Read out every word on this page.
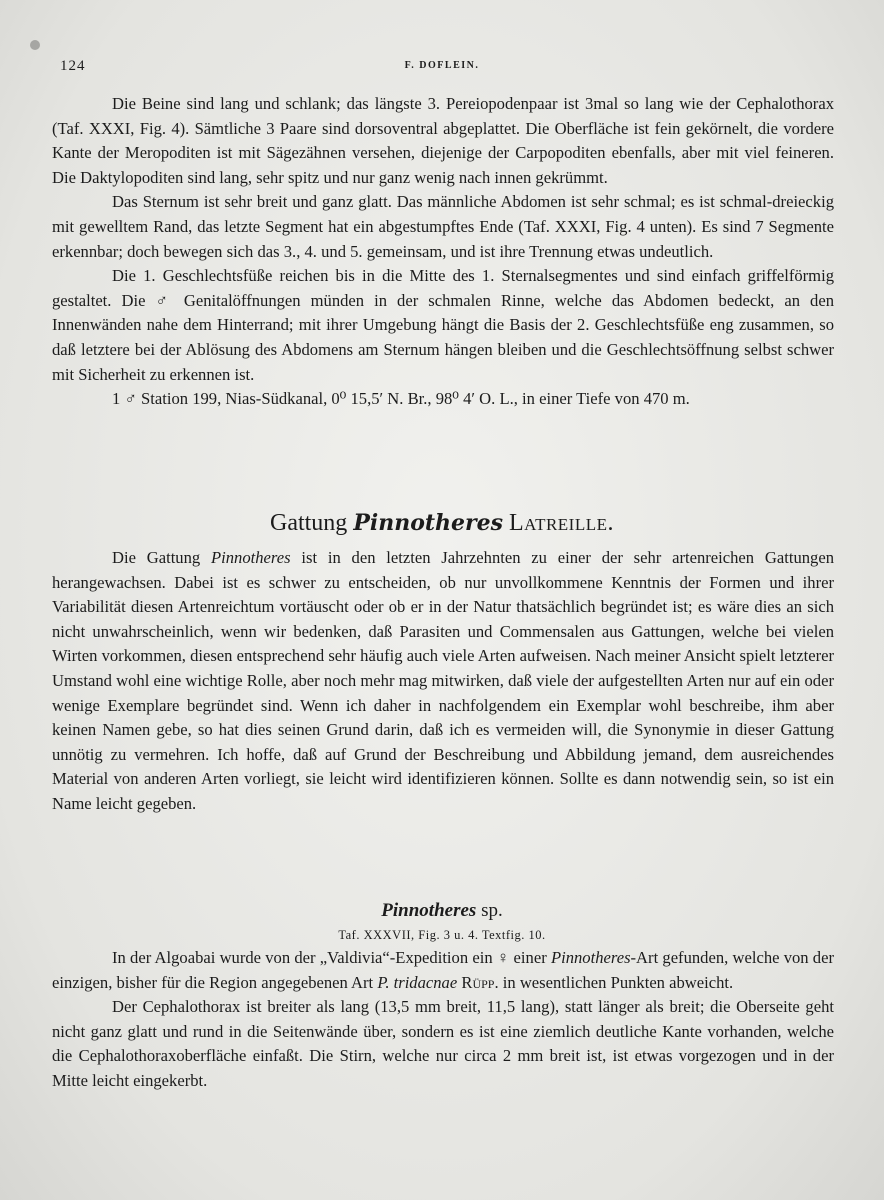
124	F. DOFLEIN.

Die Beine sind lang und schlank; das längste 3. Pereiopodenpaar ist 3mal so lang wie der Cephalothorax (Taf. XXXI, Fig. 4). Sämtliche 3 Paare sind dorsoventral abgeplattet. Die Oberfläche ist fein gekörnelt, die vordere Kante der Meropoditen ist mit Sägezähnen versehen, diejenige der Carpopoditen ebenfalls, aber mit viel feineren. Die Daktylopoditen sind lang, sehr spitz und nur ganz wenig nach innen gekrümmt.

Das Sternum ist sehr breit und ganz glatt. Das männliche Abdomen ist sehr schmal; es ist schmal-dreieckig mit gewelltem Rand, das letzte Segment hat ein abgestumpftes Ende (Taf. XXXI, Fig. 4 unten). Es sind 7 Segmente erkennbar; doch bewegen sich das 3., 4. und 5. gemeinsam, und ist ihre Trennung etwas undeutlich.

Die 1. Geschlechtsfüße reichen bis in die Mitte des 1. Sternalsegmentes und sind einfach griffelförmig gestaltet. Die ♂ Genitalöffnungen münden in der schmalen Rinne, welche das Abdomen bedeckt, an den Innenwänden nahe dem Hinterrand; mit ihrer Umgebung hängt die Basis der 2. Geschlechtsfüße eng zusammen, so daß letztere bei der Ablösung des Abdomens am Sternum hängen bleiben und die Geschlechtsöffnung selbst schwer mit Sicherheit zu erkennen ist.

1 ♂ Station 199, Nias-Südkanal, 0⁰ 15,5′ N. Br., 98⁰ 4′ O. L., in einer Tiefe von 470 m.

Gattung Pinnotheres Latreille.

Die Gattung Pinnotheres ist in den letzten Jahrzehnten zu einer der sehr artenreichen Gattungen herangewachsen. Dabei ist es schwer zu entscheiden, ob nur unvollkommene Kenntnis der Formen und ihrer Variabilität diesen Artenreichtum vortäuscht oder ob er in der Natur thatsächlich begründet ist; es wäre dies an sich nicht unwahrscheinlich, wenn wir bedenken, daß Parasiten und Commensalen aus Gattungen, welche bei vielen Wirten vorkommen, diesen entsprechend sehr häufig auch viele Arten aufweisen. Nach meiner Ansicht spielt letzterer Umstand wohl eine wichtige Rolle, aber noch mehr mag mitwirken, daß viele der aufgestellten Arten nur auf ein oder wenige Exemplare begründet sind. Wenn ich daher in nachfolgendem ein Exemplar wohl beschreibe, ihm aber keinen Namen gebe, so hat dies seinen Grund darin, daß ich es vermeiden will, die Synonymie in dieser Gattung unnötig zu vermehren. Ich hoffe, daß auf Grund der Beschreibung und Abbildung jemand, dem ausreichendes Material von anderen Arten vorliegt, sie leicht wird identifizieren können. Sollte es dann notwendig sein, so ist ein Name leicht gegeben.

Pinnotheres sp.
Taf. XXXVII, Fig. 3 u. 4. Textfig. 10.

In der Algoabai wurde von der „Valdivia“-Expedition ein ♀ einer Pinnotheres-Art gefunden, welche von der einzigen, bisher für die Region angegebenen Art P. tridacnae Rüpp. in wesentlichen Punkten abweicht.

Der Cephalothorax ist breiter als lang (13,5 mm breit, 11,5 lang), statt länger als breit; die Oberseite geht nicht ganz glatt und rund in die Seitenwände über, sondern es ist eine ziemlich deutliche Kante vorhanden, welche die Cephalothoraxoberfläche einfaßt. Die Stirn, welche nur circa 2 mm breit ist, ist etwas vorgezogen und in der Mitte leicht eingekerbt.
